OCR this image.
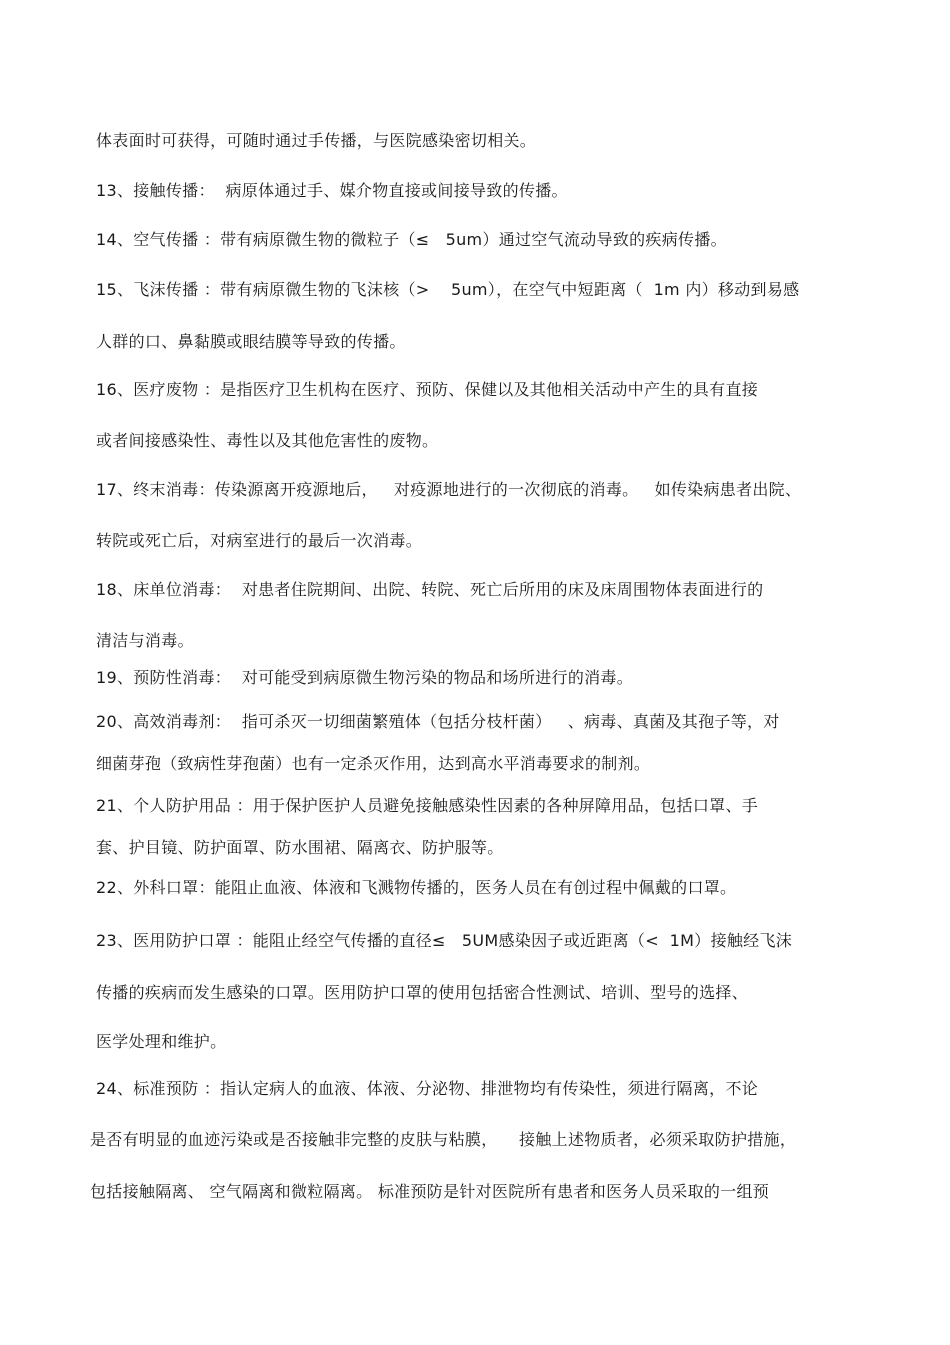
体表面时可获得，可随时通过手传播，与医院感染密切相关。

13、接触传播：  病原体通过手、媒介物直接或间接导致的传播。

14、空气传播 ：带有病原微生物的微粒子（≤   5um）通过空气流动导致的疾病传播。

15、飞沫传播 ：带有病原微生物的飞沫核（>    5um），在空气中短距离（  1m 内）移动到易感

人群的口、鼻黏膜或眼结膜等导致的传播。

16、医疗废物 ：是指医疗卫生机构在医疗、预防、保健以及其他相关活动中产生的具有直接

或者间接感染性、毒性以及其他危害性的废物。

17、终末消毒：传染源离开疫源地后，   对疫源地进行的一次彻底的消毒。   如传染病患者出院、

转院或死亡后，对病室进行的最后一次消毒。

18、床单位消毒：  对患者住院期间、出院、转院、死亡后所用的床及床周围物体表面进行的

清洁与消毒。

19、预防性消毒：  对可能受到病原微生物污染的物品和场所进行的消毒。

20、高效消毒剂：  指可杀灭一切细菌繁殖体（包括分枝杆菌）   、病毒、真菌及其孢子等，对

细菌芽孢（致病性芽孢菌）也有一定杀灭作用，达到高水平消毒要求的制剂。

21、个人防护用品 ：用于保护医护人员避免接触感染性因素的各种屏障用品，包括口罩、手

套、护目镜、防护面罩、防水围裙、隔离衣、防护服等。

22、外科口罩：能阻止血液、体液和飞溅物传播的，医务人员在有创过程中佩戴的口罩。

23、医用防护口罩 ：能阻止经空气传播的直径≤   5UM感染因子或近距离（<  1M）接触经飞沫

传播的疾病而发生感染的口罩。医用防护口罩的使用包括密合性测试、培训、型号的选择、

医学处理和维护。

24、标准预防 ：指认定病人的血液、体液、分泌物、排泄物均有传染性，须进行隔离，不论

是否有明显的血迹污染或是否接触非完整的皮肤与粘膜，    接触上述物质者，必须采取防护措施，

包括接触隔离、 空气隔离和微粒隔离。 标准预防是针对医院所有患者和医务人员采取的一组预
